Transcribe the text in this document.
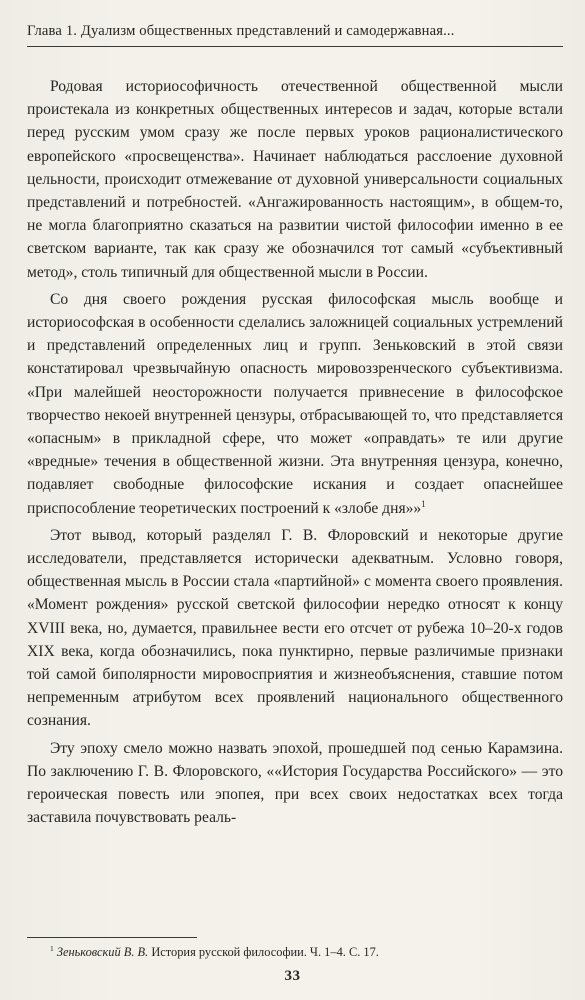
Глава 1. Дуализм общественных представлений и самодержавная...

Родовая историософичность отечественной общественной мысли проистекала из конкретных общественных интересов и задач, которые встали перед русским умом сразу же после первых уроков рационалистического европейского «просвещенства». Начинает наблюдаться расслоение духовной цельности, происходит отмежевание от духовной универсальности социальных представлений и потребностей. «Ангажированность настоящим», в общем-то, не могла благоприятно сказаться на развитии чистой философии именно в ее светском варианте, так как сразу же обозначился тот самый «субъективный метод», столь типичный для общественной мысли в России.

Со дня своего рождения русская философская мысль вообще и историософская в особенности сделались заложницей социальных устремлений и представлений определенных лиц и групп. Зеньковский в этой связи констатировал чрезвычайную опасность мировоззренческого субъективизма. «При малейшей неосторожности получается привнесение в философское творчество некоей внутренней цензуры, отбрасывающей то, что представляется «опасным» в прикладной сфере, что может «оправдать» те или другие «вредные» течения в общественной жизни. Эта внутренняя цензура, конечно, подавляет свободные философские искания и создает опаснейшее приспособление теоретических построений к «злобе дня»»$^1$

Этот вывод, который разделял Г. В. Флоровский и некоторые другие исследователи, представляется исторически адекватным. Условно говоря, общественная мысль в России стала «партийной» с момента своего проявления. «Момент рождения» русской светской философии нередко относят к концу XVIII века, но, думается, правильнее вести его отсчет от рубежа 10–20-х годов XIX века, когда обозначились, пока пунктирно, первые различимые признаки той самой биполярности мировосприятия и жизнеобъяснения, ставшие потом непременным атрибутом всех проявлений национального общественного сознания.

Эту эпоху смело можно назвать эпохой, прошедшей под сенью Карамзина. По заключению Г. В. Флоровского, ««История Государства Российского» — это героическая повесть или эпопея, при всех своих недостатках всех тогда заставила почувствовать реаль-

$^1$ Зеньковский В. В. История русской философии. Ч. 1–4. С. 17.
33
